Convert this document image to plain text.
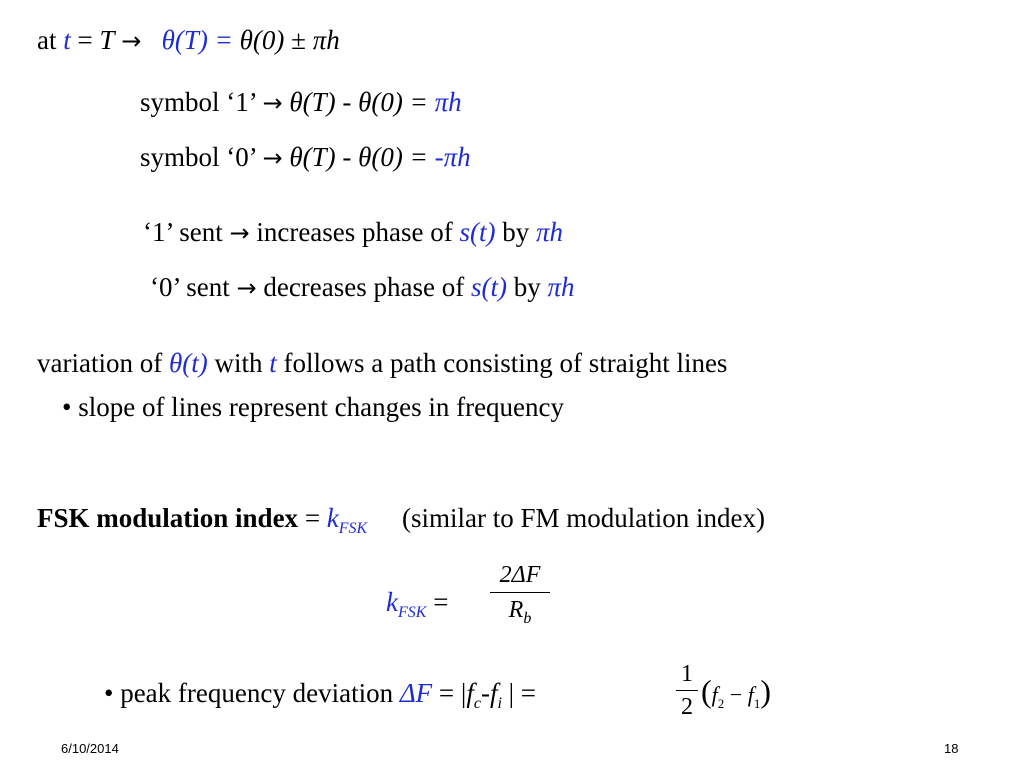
at t = T → θ(T) = θ(0) ± πh
symbol ‘1’ → θ(T) - θ(0) = πh
symbol ‘0’ → θ(T) - θ(0) = -πh
‘1’ sent → increases phase of s(t) by πh
‘0’ sent → decreases phase of s(t) by πh
variation of θ(t) with t follows a path consisting of straight lines
• slope of lines represent changes in frequency
FSK modulation index = $k_{FSK}$ (similar to FM modulation index)
$k_{FSK}$ =
2ΔF
$R_b$
• peak frequency deviation $\Delta F = |f_c-f_i$ | =
1
2 $(f_2 - f_1)$
6/10/2014	18
